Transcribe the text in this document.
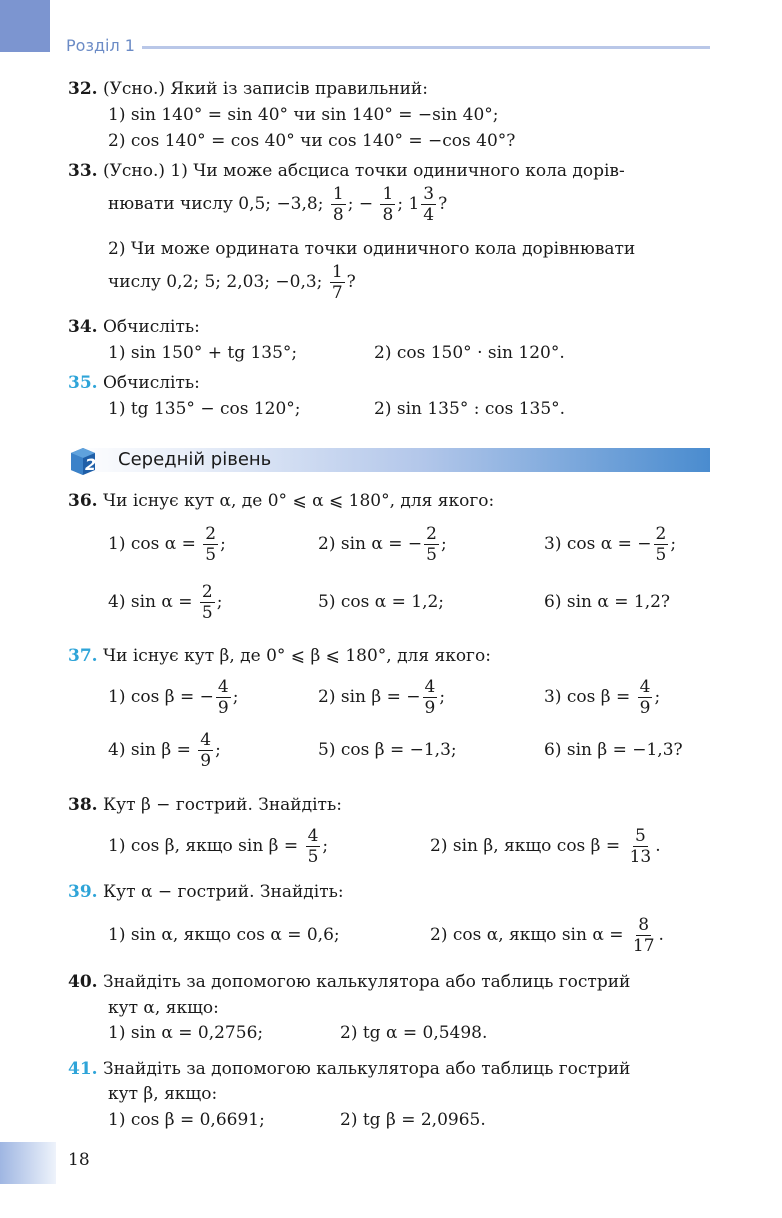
Розділ 1
32. (Усно.) Який із записів правильний:
1) sin 140° = sin 40° чи sin 140° = −sin 40°;
2) cos 140° = cos 40° чи cos 140° = −cos 40°?
33. (Усно.) 1) Чи може абсциса точки одиничного кола дорів-
нювати числу 0,5; −3,8; $\frac{1}{8}$ ; − $\frac{1}{8}$ ; $1 \frac{3}{4}$ ?
2) Чи може ордината точки одиничного кола дорівнювати
числу 0,2; 5; 2,03; −0,3; $\frac{1}{7}$ ?
34. Обчисліть:
1) sin 150° + tg 135°;	2) cos 150° · sin 120°.
35. Обчисліть:
1) tg 135° − cos 120°;	2) sin 135° : cos 135°.
2 Середній рівень
36. Чи існує кут α, де 0° ⩽ α ⩽ 180°, для якого:
1) $\cos \alpha = \frac{2}{5}$ ;	2) sin α = − $\frac{2}{5}$ ;	3) cos α = − $\frac{2}{5}$ ;
4) $\sin \alpha = \frac{2}{5}$ ;	5) cos α = 1,2;	6) sin α = 1,2?
37. Чи існує кут β, де 0° ⩽ β ⩽ 180°, для якого:
1) cos β = − $\frac{4}{9}$ ;	2) sin β = − $\frac{4}{9}$ ;	3) $\cos \beta = \frac{4}{9}$ ;
4) $\sin \beta = \frac{4}{9}$ ;	5) cos β = −1,3;	6) sin β = −1,3?
38. Кут β − гострий. Знайдіть:
1) cos β, якщо $\sin \beta = \frac{4}{5}$ ;	2) sin β, якщо $\cos \beta = \frac{5}{13}$ .
39. Кут α − гострий. Знайдіть:
1) sin α, якщо cos α = 0,6;	2) cos α, якщо $\sin \alpha = \frac{8}{17}$ .
40. Знайдіть за допомогою калькулятора або таблиць гострий
кут α, якщо:
1) sin α = 0,2756;	2) tg α = 0,5498.
41. Знайдіть за допомогою калькулятора або таблиць гострий
кут β, якщо:
1) cos β = 0,6691;	2) tg β = 2,0965.
18
